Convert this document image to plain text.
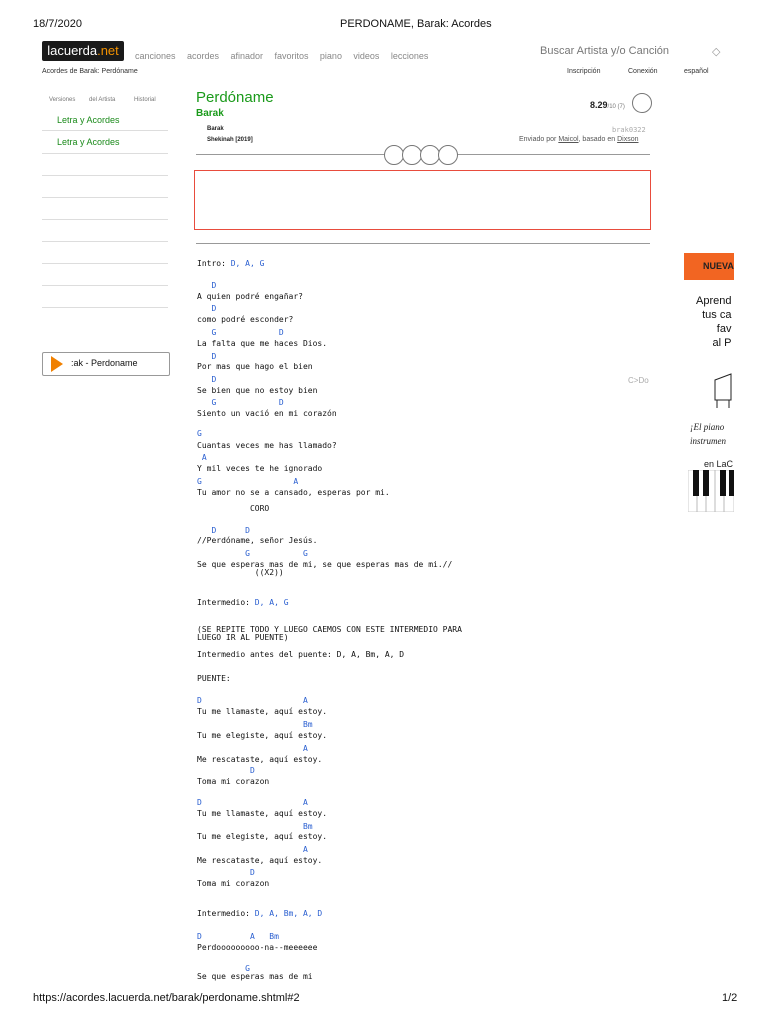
18/7/2020	PERDONAME, Barak: Acordes
https://acordes.lacuerda.net/barak/perdoname.shtml#2	1/2
lacuerda.net	canciones acordes afinador favoritos piano videos lecciones	Buscar Artista y/o Canción	◇
Acordes de Barak: Perdóname	Inscripción	Conexión	español
Versiones del Artista	Historial
Letra y Acordes
Letra y Acordes
:ak - Perdoname
Perdóname
Barak
Barak
Shekinah [2019]
8.29/10 (7)
brak0322
Enviado por Maicol, basado en Dixson
C>Do
Intro: D, A, G
D
A quien podré engañar?
D
como podré esconder?
G             D
La falta que me haces Dios.
D
Por mas que hago el bien
D
Se bien que no estoy bien
G             D
Siento un vació en mi corazón
G
Cuantas veces me has llamado?
A
Y mil veces te he ignorado
G                   A
Tu amor no se a cansado, esperas por mi.
CORO
D      D
//Perdóname, señor Jesús.
G           G
Se que esperas mas de mi, se que esperas mas de mi.//
((X2))
Intermedio: D, A, G
(SE REPITE TODO Y LUEGO CAEMOS CON ESTE INTERMEDIO PARA
LUEGO IR AL PUENTE)
Intermedio antes del puente: D, A, Bm, A, D
PUENTE:
D                     A
Tu me llamaste, aquí estoy.
Bm
Tu me elegiste, aquí estoy.
A
Me rescataste, aquí estoy.
D
Toma mi corazon
D                     A
Tu me llamaste, aquí estoy.
Bm
Tu me elegiste, aquí estoy.
A
Me rescataste, aquí estoy.
D
Toma mi corazon
Intermedio: D, A, Bm, A, D
D          A   Bm
Perdooooooooo-na--meeeeee
G
Se que esperas mas de mi
NUEVA
Aprend
tus ca
fav
al P
¡El piano
instrumen
en LaC
